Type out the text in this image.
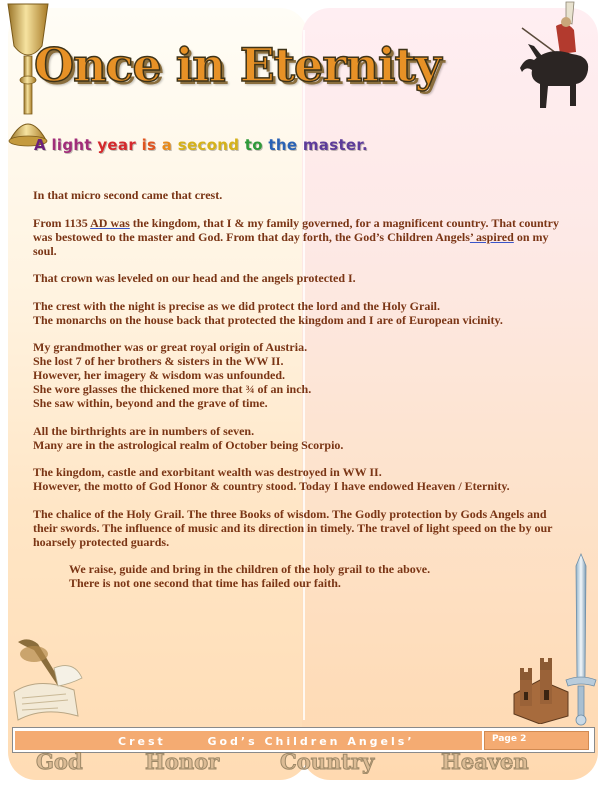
Once in Eternity
A light year is a second to the master.

In that micro second came that crest.

From 1135 AD was the kingdom, that I & my family governed, for a magnificent country. That country was bestowed to the master and God. From that day forth, the God’s Children Angels’ aspired on my soul.

That crown was leveled on our head and the angels protected I.

The crest with the night is precise as we did protect the lord and the Holy Grail.
The monarchs on the house back that protected the kingdom and I are of European vicinity.

My grandmother was or great royal origin of Austria.
She lost 7 of her brothers & sisters in the WW II.
However, her imagery & wisdom was unfounded.
She wore glasses the thickened more that ¾ of an inch.
She saw within, beyond and the grave of time.

All the birthrights are in numbers of seven.
Many are in the astrological realm of October being Scorpio.

The kingdom, castle and exorbitant wealth was destroyed in WW II.
However, the motto of God Honor & country stood. Today I have endowed Heaven / Eternity.

The chalice of the Holy Grail. The three Books of wisdom. The Godly protection by Gods Angels and their swords. The influence of music and its direction in timely. The travel of light speed on the by our hoarsely protected guards.

We raise, guide and bring in the children of the holy grail to the above.
There is not one second that time has failed our faith.

Crest	God’s Children Angels’	Page 2
God	Honor	Country	Heaven
